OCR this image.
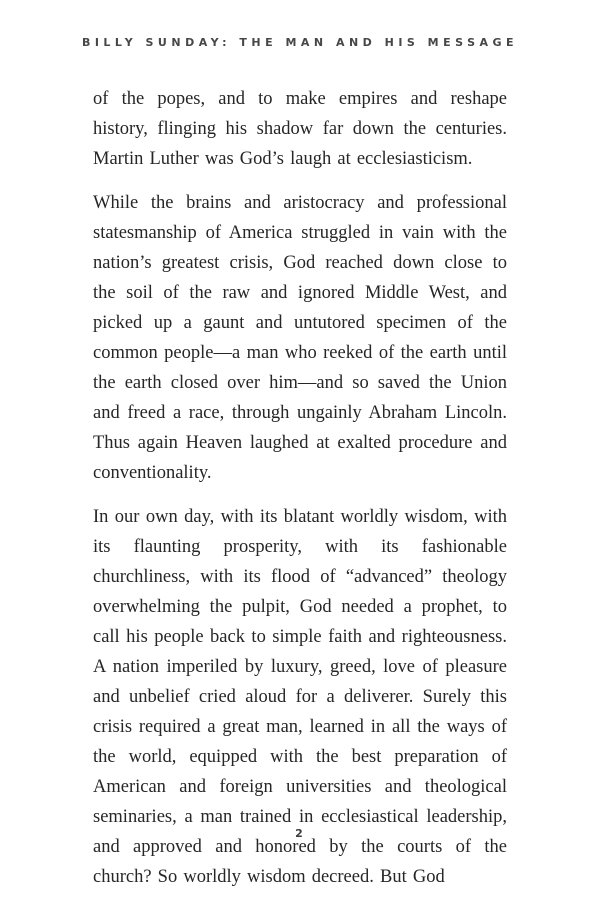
BILLY SUNDAY: THE MAN AND HIS MESSAGE

of the popes, and to make empires and reshape history, flinging his shadow far down the centuries. Martin Luther was God’s laugh at ecclesiasticism.

While the brains and aristocracy and professional statesmanship of America struggled in vain with the nation’s greatest crisis, God reached down close to the soil of the raw and ignored Middle West, and picked up a gaunt and untutored specimen of the common people—a man who reeked of the earth until the earth closed over him—and so saved the Union and freed a race, through ungainly Abraham Lincoln. Thus again Heaven laughed at exalted procedure and conventionality.

In our own day, with its blatant worldly wisdom, with its flaunting prosperity, with its fashionable churchliness, with its flood of “advanced” theology overwhelming the pulpit, God needed a prophet, to call his people back to simple faith and righteousness. A nation imperiled by luxury, greed, love of pleasure and unbelief cried aloud for a deliverer. Surely this crisis required a great man, learned in all the ways of the world, equipped with the best preparation of American and foreign universities and theological seminaries, a man trained in ecclesiastical leadership, and approved and honored by the courts of the church? So worldly wisdom decreed. But God

2
